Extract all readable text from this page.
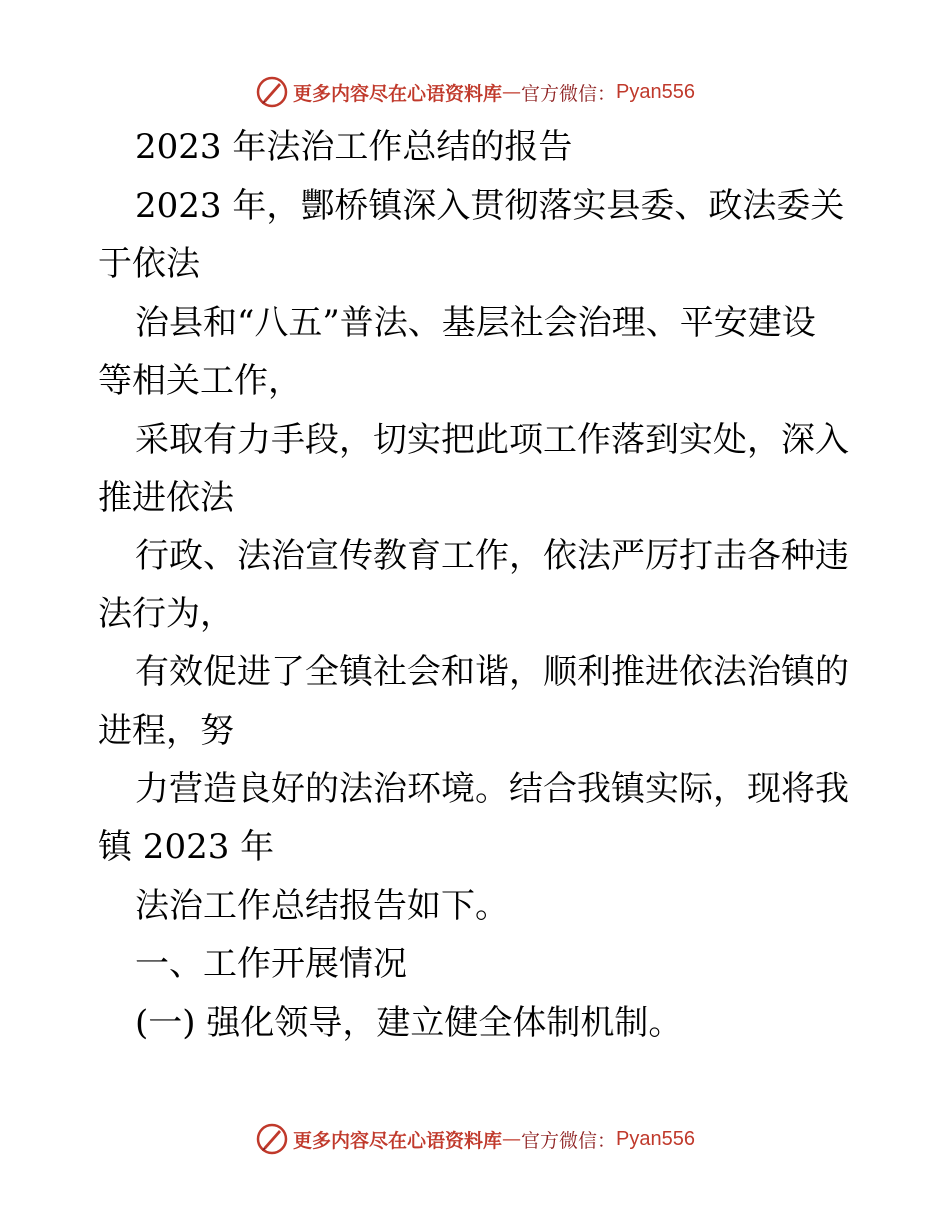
更多内容尽在心语资料库 — 官方微信： Pyan556
2023 年法治工作总结的报告
2023 年，酆桥镇深入贯彻落实县委、政法委关
于依法
治县和“八五”普法、基层社会治理、平安建设
等相关工作，
采取有力手段，切实把此项工作落到实处，深入
推进依法
行政、法治宣传教育工作，依法严厉打击各种违
法行为，
有效促进了全镇社会和谐，顺利推进依法治镇的
进程，努
力营造良好的法治环境。结合我镇实际，现将我
镇 2023 年
法治工作总结报告如下。
一、工作开展情况
(一) 强化领导，建立健全体制机制。
更多内容尽在心语资料库 — 官方微信： Pyan556
